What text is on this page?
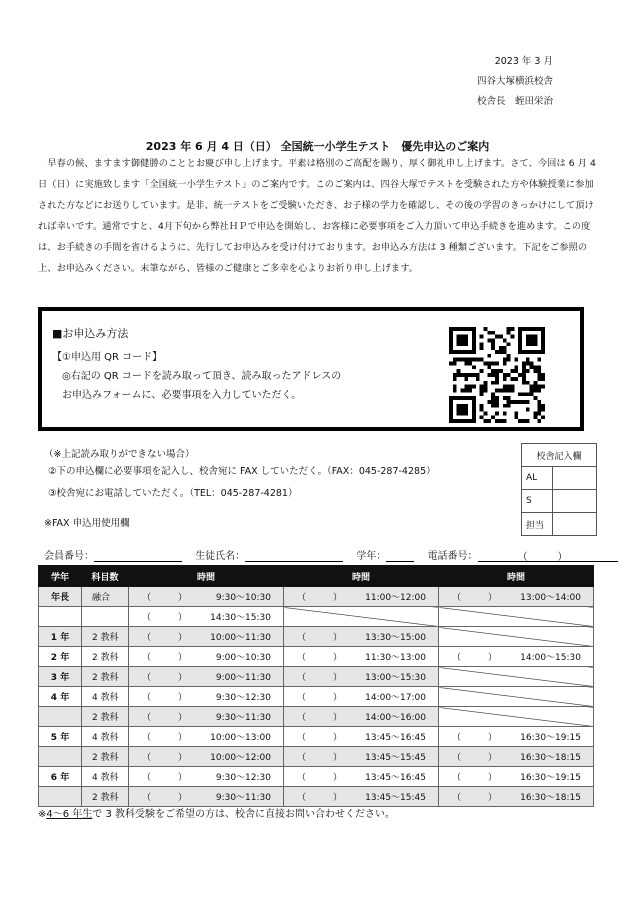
2023 年 3 月
四谷大塚横浜校舎
校舎長　蛭田栄治
2023 年 6 月 4 日（日） 全国統一小学生テスト　優先申込のご案内
　早春の候、ますます御健勝のこととお慶び申し上げます。平素は格別のご高配を賜り、厚く御礼申し上げます。さて、今回は 6 月 4 日（日）に実施致します「全国統一小学生テスト」のご案内です。このご案内は、四谷大塚でテストを受験された方や体験授業に参加された方などにお送りしています。是非、統一テストをご受験いただき、お子様の学力を確認し、その後の学習のきっかけにして頂ければ幸いです。通常ですと、4月下旬から弊社ＨＰで申込を開始し、お客様に必要事項をご入力頂いて申込手続きを進めます。この度は、お手続きの手間を省けるように、先行してお申込みを受け付けております。お申込み方法は 3 種類ございます。下記をご参照の上、お申込みください。末筆ながら、皆様のご健康とご多幸を心よりお祈り申し上げます。
■お申込み方法
【①申込用 QR コード】
◎右記の QR コードを読み取って頂き、読み取ったアドレスの
お申込みフォームに、必要事項を入力していただく。
（※上記読み取りができない場合）
②下の申込欄に必要事項を記入し、校舎宛に FAX していただく。（FAX：045-287-4285）
③校舎宛にお電話していただく。（TEL：045-287-4281）
※FAX 申込用使用欄
校舎記入欄	
AL	
S	
担当	
会員番号：	生徒氏名：	学年：	電話番号：	（　　　）
学年	科目数	時間	時間	時間
年長	融合	（　　　） 9:30～10:30	（　　　） 11:00～12:00	（　　　） 13:00～14:00

		（　　　） 14:30～15:30		

1 年	2 教科	（　　　） 10:00～11:30	（　　　） 13:30～15:00	

2 年	2 教科	（　　　） 9:00～10:30	（　　　） 11:30～13:00	（　　　） 14:00～15:30

3 年	2 教科	（　　　） 9:00～11:30	（　　　） 13:00～15:30	

4 年	4 教科	（　　　） 9:30～12:30	（　　　） 14:00～17:00	

	2 教科	（　　　） 9:30～11:30	（　　　） 14:00～16:00	

5 年	4 教科	（　　　） 10:00～13:00	（　　　） 13:45～16:45	（　　　） 16:30～19:15

	2 教科	（　　　） 10:00～12:00	（　　　） 13:45～15:45	（　　　） 16:30～18:15

6 年	4 教科	（　　　） 9:30～12:30	（　　　） 13:45～16:45	（　　　） 16:30～19:15

	2 教科	（　　　） 9:30～11:30	（　　　） 13:45～15:45	（　　　） 16:30～18:15
※4～6 年生で 3 教科受験をご希望の方は、校舎に直接お問い合わせください。
